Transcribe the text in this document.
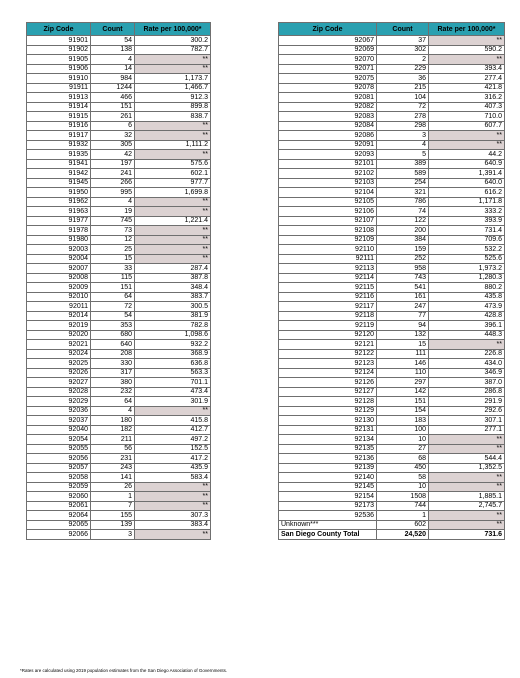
Zip Code	Count	Rate per 100,000*
91901	54	300.2
91902	138	782.7
91905	4	**
91906	14	**
91910	984	1,173.7
91911	1244	1,466.7
91913	466	912.3
91914	151	899.8
91915	261	838.7
91916	6	**
91917	32	**
91932	305	1,111.2
91935	42	**
91941	197	575.6
91942	241	602.1
91945	266	977.7
91950	995	1,699.8
91962	4	**
91963	19	**
91977	745	1,221.4
91978	73	**
91980	12	**
92003	25	**
92004	15	**
92007	33	287.4
92008	115	387.8
92009	151	348.4
92010	64	383.7
92011	72	300.5
92014	54	381.9
92019	353	782.8
92020	680	1,098.6
92021	640	932.2
92024	208	368.9
92025	330	636.8
92026	317	563.3
92027	380	701.1
92028	232	473.4
92029	64	301.9
92036	4	**
92037	180	415.8
92040	182	412.7
92054	211	497.2
92055	56	152.5
92056	231	417.2
92057	243	435.9
92058	141	583.4
92059	26	**
92060	1	**
92061	7	**
92064	155	307.3
92065	139	383.4
92066	3	**
Zip Code	Count	Rate per 100,000*
92067	37	**
92069	302	590.2
92070	2	**
92071	229	393.4
92075	36	277.4
92078	215	421.8
92081	104	316.2
92082	72	407.3
92083	278	710.0
92084	298	607.7
92086	3	**
92091	4	**
92093	5	44.2
92101	389	640.9
92102	589	1,391.4
92103	254	640.0
92104	321	616.2
92105	786	1,171.8
92106	74	333.2
92107	122	393.9
92108	200	731.4
92109	384	709.6
92110	159	532.2
92111	252	525.6
92113	958	1,973.2
92114	743	1,280.3
92115	541	880.2
92116	161	435.8
92117	247	473.9
92118	77	428.8
92119	94	396.1
92120	132	448.3
92121	15	**
92122	111	226.8
92123	146	434.0
92124	110	346.9
92126	297	387.0
92127	142	286.8
92128	151	291.9
92129	154	292.6
92130	183	307.1
92131	100	277.1
92134	10	**
92135	27	**
92136	68	544.4
92139	450	1,352.5
92140	58	**
92145	10	**
92154	1508	1,885.1
92173	744	2,745.7
92536	1	**
Unknown***	602	**
San Diego County Total	24,520	731.6
*Rates are calculated using 2019 population estimates from the San Diego Association of Governments.
